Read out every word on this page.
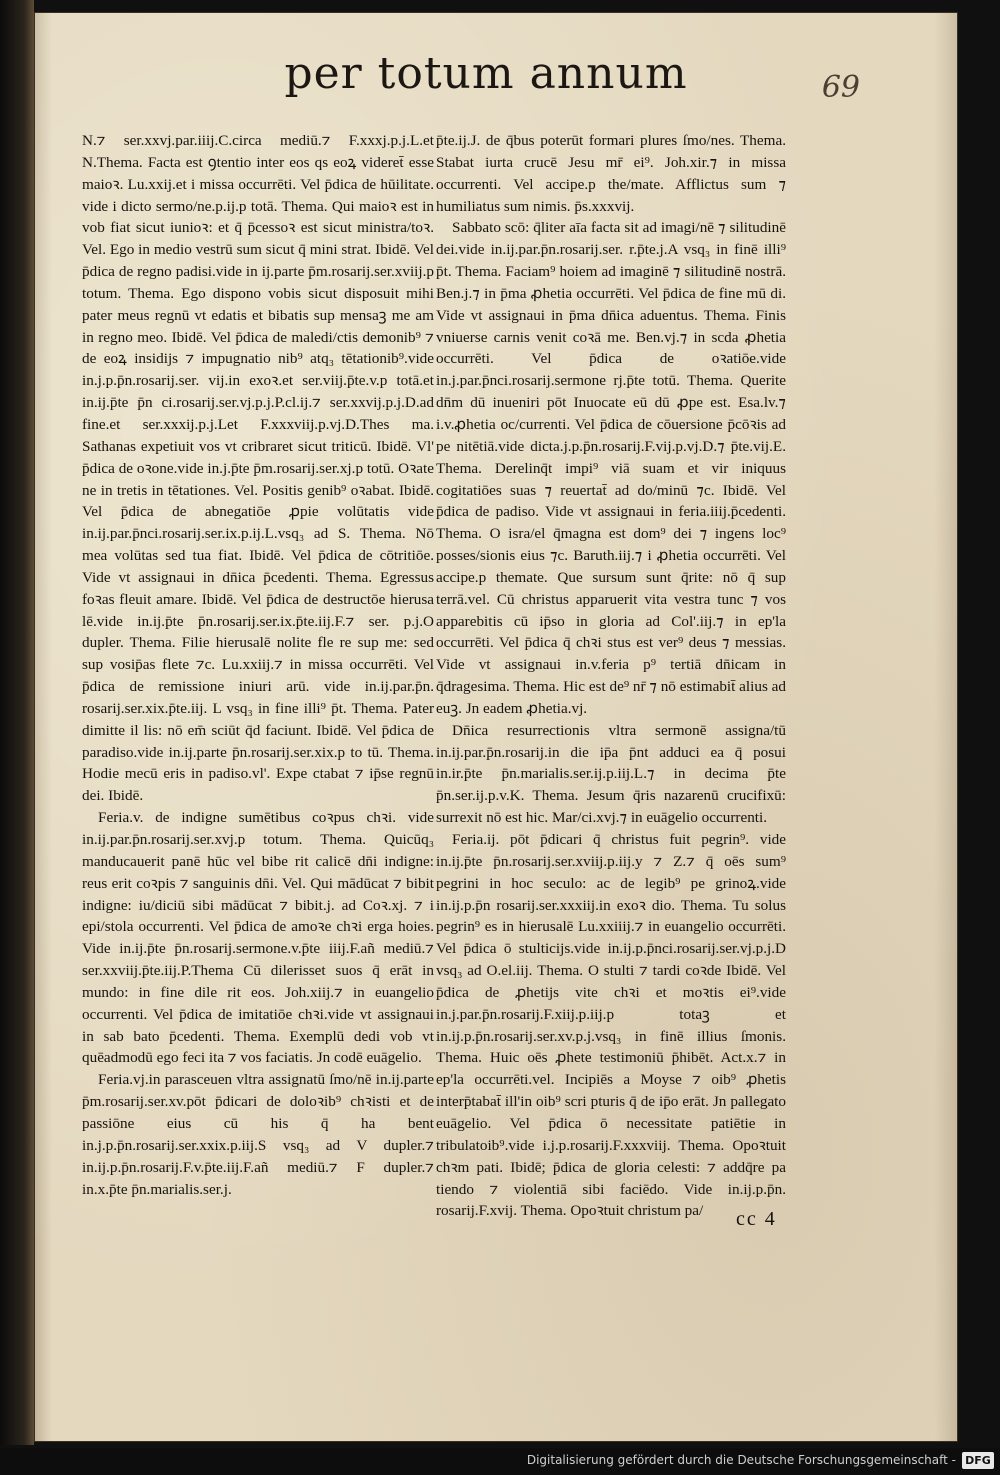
per totum annum	69

N.⁊ ser.xxvj.par.iiij.C.circa mediū.⁊ F.xxxj.p.j.L.et N.Thema. Facta est ꝯtentio inter eos qs eoꝝ videret̄ esse maioꝛ. Lu.xxij.et i missa occurrēti. Vel p̄dica de hūilitate. vide i dicto sermo/ne.p.ij.p totā. Thema. Qui maioꝛ est in vob fiat sicut iunioꝛ: et q̄ p̄cessoꝛ est sicut ministra/toꝛ. Vel. Ego in medio vestrū sum sicut q̄ mini strat. Ibidē. Vel p̄dica de regno padisi.vide in ij.parte p̄m.rosarij.ser.xviij.p totum. Thema. Ego dispono vobis sicut disposuit mihi pater meus regnū vt edatis et bibatis sup mensaꝫ me am in regno meo. Ibidē. Vel p̄dica de maledi/ctis demonib⁹ ⁊ de eoꝝ insidijs ⁊ impugnatio nib⁹ atq₃ tētationib⁹.vide in.j.p.p̄n.rosarij.ser. vij.in exoꝛ.et ser.viij.p̄te.v.p totā.et in.ij.p̄te p̄n ci.rosarij.ser.vj.p.j.P.cl.ij.⁊ ser.xxvij.p.j.D.ad fine.et ser.xxxij.p.j.Let F.xxxviij.p.vj.D.Thes ma. Sathanas expetiuit vos vt cribraret sicut triticū. Ibidē. Vl' p̄dica de oꝛone.vide in.j.p̄te p̄m.rosarij.ser.xj.p totū. Oꝛate ne in tretis in tētationes. Vel. Positis genib⁹ oꝛabat. Ibidē. Vel p̄dica de abnegatiōe ꝓpie volūtatis vide in.ij.par.p̄nci.rosarij.ser.ix.p.ij.L.vsq₃ ad S. Thema. Nō mea volūtas sed tua fiat. Ibidē. Vel p̄dica de cōtritiōe. Vide vt assignaui in dn̄ica p̄cedenti. Thema. Egressus foꝛas fleuit amare. Ibidē. Vel p̄dica de destructōe hierusa lē.vide in.ij.p̄te p̄n.rosarij.ser.ix.p̄te.iij.F.⁊ ser. p.j.O dupler. Thema. Filie hierusalē nolite fle re sup me: sed sup vosip̄as flete ⁊c. Lu.xxiij.⁊ in missa occurrēti. Vel p̄dica de remissione iniuri arū. vide in.ij.par.p̄n. rosarij.ser.xix.p̄te.iij. L vsq₃ in fine illi⁹ p̄t. Thema. Pater dimitte il lis: nō em̄ sciūt q̄d faciunt. Ibidē. Vel p̄dica de paradiso.vide in.ij.parte p̄n.rosarij.ser.xix.p to tū. Thema. Hodie mecū eris in padiso.vl'. Expe ctabat ⁊ ip̄se regnū dei. Ibidē.

Feria.v. de indigne sumētibus coꝛpus chꝛi. vide in.ij.par.p̄n.rosarij.ser.xvj.p totum. Thema. Quicūq₃ manducauerit panē hūc vel bibe rit calicē dn̄i indigne: reus erit coꝛpis ⁊ sanguinis dn̄i. Vel. Qui mādūcat ⁊ bibit indigne: iu/diciū sibi mādūcat ⁊ bibit.j. ad Coꝛ.xj. ⁊ i epi/stola occurrenti. Vel p̄dica de amoꝛe chꝛi erga hoies. Vide in.ij.p̄te p̄n.rosarij.sermone.v.p̄te iiij.F.añ mediū.⁊ ser.xxviij.p̄te.iij.P.Thema Cū dilerisset suos q̄ erāt in mundo: in fine dile rit eos. Joh.xiij.⁊ in euangelio occurrenti. Vel p̄dica de imitatiōe chꝛi.vide vt assignaui in sab bato p̄cedenti. Thema. Exemplū dedi vob vt quēadmodū ego feci ita ⁊ vos faciatis. Jn codē euāgelio.

Feria.vj.in parasceuen vltra assignatū ſmo/nē in.ij.parte p̄m.rosarij.ser.xv.pōt p̄dicari de doloꝛib⁹ chꝛisti et de passiōne eius cū his q̄ ha bent in.j.p.p̄n.rosarij.ser.xxix.p.iij.S vsq₃ ad V dupler.⁊ in.ij.p.p̄n.rosarij.F.v.p̄te.iij.F.añ mediū.⁊ F dupler.⁊ in.x.p̄te p̄n.marialis.ser.j.

p̄te.ij.J. de q̄bus poterūt formari plures ſmo/nes. Thema. Stabat iurta crucē Jesu mr̄ ei⁹. Joh.xir.⁊ in missa occurrenti. Vel accipe.p the/mate. Afflictus sum ⁊ humiliatus sum nimis. p̄s.xxxvij.

Sabbato scō: q̄liter aīa facta sit ad imagi/nē ⁊ silitudinē dei.vide in.ij.par.p̄n.rosarij.ser. r.p̄te.j.A vsq₃ in finē illi⁹ p̄t. Thema. Faciam⁹ hoiem ad imaginē ⁊ silitudinē nostrā. Ben.j.⁊ in p̄ma ꝓhetia occurrēti. Vel p̄dica de fine mū di. Vide vt assignaui in p̄ma dn̄ica aduentus. Thema. Finis vniuerse carnis venit coꝛā me. Ben.vj.⁊ in scda ꝓhetia occurrēti. Vel p̄dica de oꝛatiōe.vide in.j.par.p̄nci.rosarij.sermone rj.p̄te totū. Thema. Querite dn̄m dū inueniri pōt Inuocate eū dū ꝓpe est. Esa.lv.⁊ i.v.ꝓhetia oc/currenti. Vel p̄dica de cōuersione p̄cōꝛis ad pe nitētiā.vide dicta.j.p.p̄n.rosarij.F.vij.p.vj.D.⁊ p̄te.vij.E. Thema. Derelinq̄t impi⁹ viā suam et vir iniquus cogitatiōes suas ⁊ reuertat̄ ad do/minū ⁊c. Ibidē. Vel p̄dica de padiso. Vide vt assignaui in feria.iiij.p̄cedenti. Thema. O isra/el q̄magna est dom⁹ dei ⁊ ingens loc⁹ posses/sionis eius ⁊c. Baruth.iij.⁊ i ꝓhetia occurrēti. Vel accipe.p themate. Que sursum sunt q̄rite: nō q̄ sup terrā.vel. Cū christus apparuerit vita vestra tunc ⁊ vos apparebitis cū ip̄so in gloria ad Col'.iij.⁊ in ep'la occurrēti. Vel p̄dica q̄ chꝛi stus est ver⁹ deus ⁊ messias. Vide vt assignaui in.v.feria p⁹ tertiā dn̄icam in q̄dragesima. Thema. Hic est de⁹ nr̄ ⁊ nō estimabit̄ alius ad euꝫ. Jn eadem ꝓhetia.vj.

Dn̄ica resurrectionis vltra sermonē assigna/tū in.ij.par.p̄n.rosarij.in die ip̄a p̄nt adduci ea q̄ posui in.ir.p̄te p̄n.marialis.ser.ij.p.iij.L.⁊ in decima p̄te p̄n.ser.ij.p.v.K. Thema. Jesum q̄ris nazarenū crucifixū: surrexit nō est hic. Mar/ci.xvj.⁊ in euāgelio occurrenti.

Feria.ij. pōt p̄dicari q̄ christus fuit pegrin⁹. vide in.ij.p̄te p̄n.rosarij.ser.xviij.p.iij.y ⁊ Z.⁊ q̄ oēs sum⁹ pegrini in hoc seculo: ac de legib⁹ pe grinoꝝ.vide in.ij.p.p̄n rosarij.ser.xxxiij.in exoꝛ dio. Thema. Tu solus pegrin⁹ es in hierusalē Lu.xxiiij.⁊ in euangelio occurrēti. Vel p̄dica ō stulticijs.vide in.ij.p.p̄nci.rosarij.ser.vj.p.j.D vsq₃ ad O.el.iij. Thema. O stulti ⁊ tardi coꝛde Ibidē. Vel p̄dica de ꝓhetijs vite chꝛi et moꝛtis ei⁹.vide in.j.par.p̄n.rosarij.F.xiij.p.iij.p totaꝫ et in.ij.p.p̄n.rosarij.ser.xv.p.j.vsq₃ in finē illius ſmonis. Thema. Huic oēs ꝓhete testimoniū p̄hibēt. Act.x.⁊ in ep'la occurrēti.vel. Incipiēs a Moyse ⁊ oib⁹ ꝓhetis interp̄tabat̄ ill'in oib⁹ scri pturis q̄ de ip̄o erāt. Jn pallegato euāgelio. Vel p̄dica ō necessitate patiētie in tribulatoib⁹.vide i.j.p.rosarij.F.xxxviij. Thema. Opoꝛtuit chꝛm pati. Ibidē; p̄dica de gloria celesti: ⁊ addq̄re pa tiendo ⁊ violentiā sibi faciēdo. Vide in.ij.p.p̄n. rosarij.F.xvij. Thema. Opoꝛtuit christum pa/	cc 4
Digitalisierung gefördert durch die Deutsche Forschungsgemeinschaft - DFG
